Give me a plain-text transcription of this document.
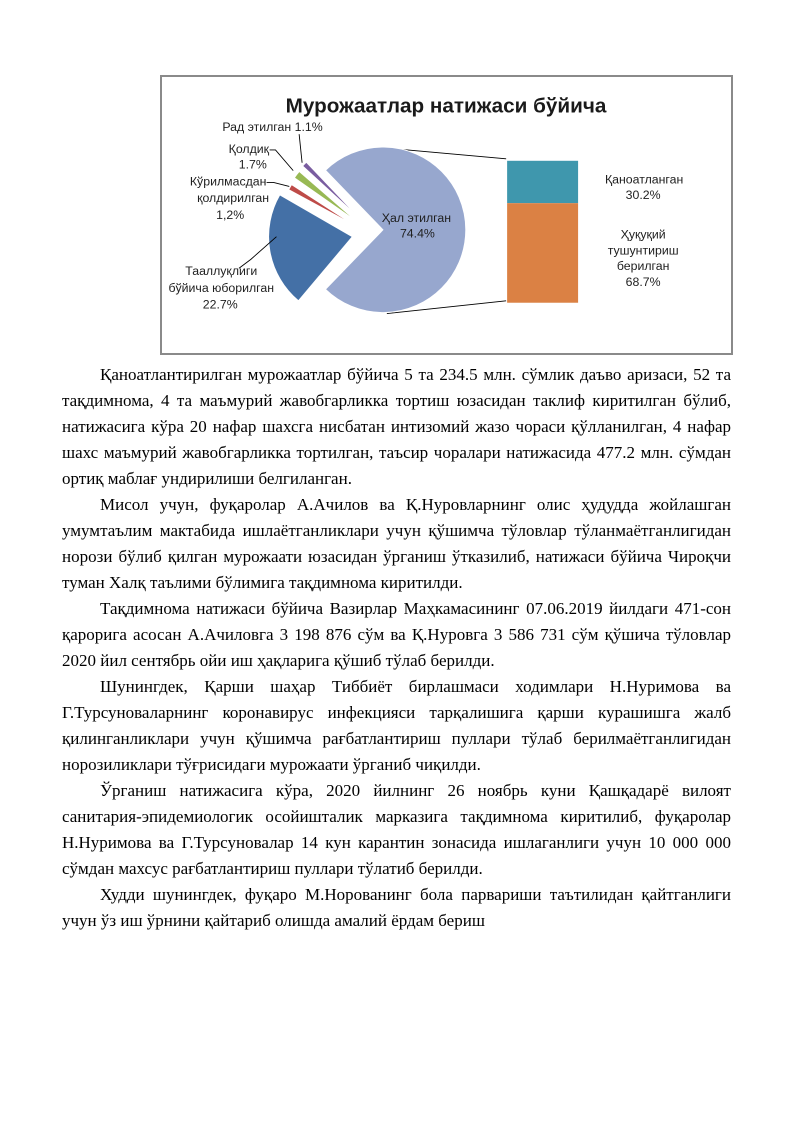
Мурожаатлар натижаси бўйича
Рад этилган 1.1%
Қолдиқ
1.7%
Кўрилмасдан
қолдирилган
1,2%
Тааллуқлиги
бўйича юборилган
22.7%
Ҳал этилган
74.4%
Қаноатланган
30.2%
Ҳуқуқий
тушунтириш
берилган
68.7%

Қаноатлантирилган мурожаатлар бўйича 5 та 234.5 млн. сўмлик даъво аризаси, 52 та тақдимнома, 4 та маъмурий жавобгарликка тортиш юзасидан таклиф киритилган бўлиб, натижасига кўра 20 нафар шахсга нисбатан интизомий жазо чораси қўлланилган, 4 нафар шахс маъмурий жавобгарликка тортилган, таъсир чоралари натижасида 477.2 млн. сўмдан ортиқ маблағ ундирилиши белгиланган.

Мисол учун, фуқаролар А.Ачилов ва Қ.Нуровларнинг олис ҳудудда жойлашган умумтаълим мактабида ишлаётганликлари учун қўшимча тўловлар тўланмаётганлигидан норози бўлиб қилган мурожаати юзасидан ўрганиш ўтказилиб, натижаси бўйича Чироқчи туман Халқ таълими бўлимига тақдимнома киритилди.

Тақдимнома натижаси бўйича Вазирлар Маҳкамасининг 07.06.2019 йилдаги 471-сон қарорига асосан А.Ачиловга 3 198 876 сўм ва Қ.Нуровга 3 586 731 сўм қўшича тўловлар 2020 йил сентябрь ойи иш ҳақларига қўшиб тўлаб берилди.

Шунингдек, Қарши шаҳар Тиббиёт бирлашмаси ходимлари Н.Нуримова ва Г.Турсуноваларнинг коронавирус инфекцияси тарқалишига қарши курашишга жалб қилинганликлари учун қўшимча рағбатлантириш пуллари тўлаб берилмаётганлигидан норозиликлари тўғрисидаги мурожаати ўрганиб чиқилди.

Ўрганиш натижасига кўра, 2020 йилнинг 26 ноябрь куни Қашқадарё вилоят санитария-эпидемиологик осойишталик марказига тақдимнома киритилиб, фуқаролар Н.Нуримова ва Г.Турсуновалар 14 кун карантин зонасида ишлаганлиги учун 10 000 000 сўмдан махсус рағбатлантириш пуллари тўлатиб берилди.

Худди шунингдек, фуқаро М.Норованинг бола парвариши таътилидан қайтганлиги учун ўз иш ўрнини қайтариб олишда амалий ёрдам бериш
